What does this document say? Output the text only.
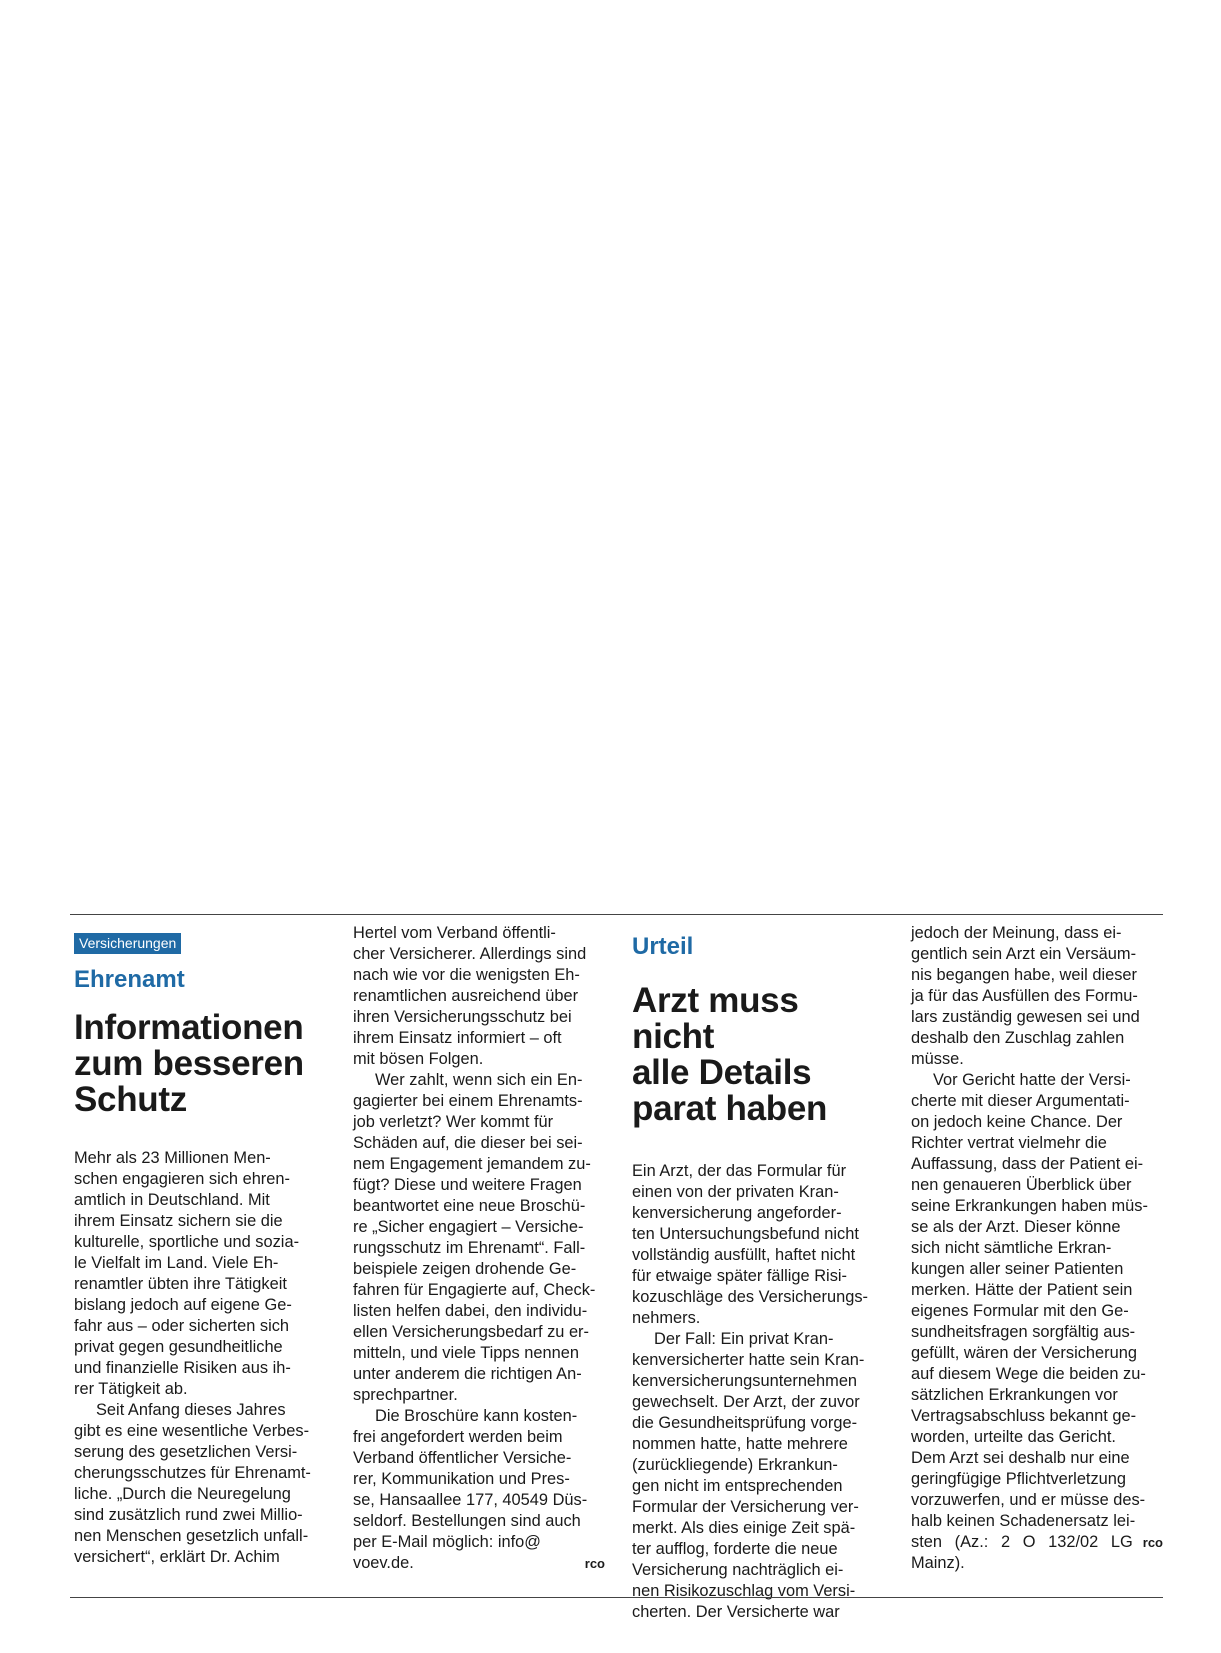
Versicherungen

Ehrenamt

Informationen
zum besseren
Schutz
Mehr als 23 Millionen Men-
schen engagieren sich ehren-
amtlich in Deutschland. Mit
ihrem Einsatz sichern sie die
kulturelle, sportliche und sozia-
le Vielfalt im Land. Viele Eh-
renamtler übten ihre Tätigkeit
bislang jedoch auf eigene Ge-
fahr aus – oder sicherten sich
privat gegen gesundheitliche
und finanzielle Risiken aus ih-
rer Tätigkeit ab.
Seit Anfang dieses Jahres
gibt es eine wesentliche Verbes-
serung des gesetzlichen Versi-
cherungsschutzes für Ehrenamt-
liche. „Durch die Neuregelung
sind zusätzlich rund zwei Millio-
nen Menschen gesetzlich unfall-
versichert“, erklärt Dr. Achim
Hertel vom Verband öffentli-
cher Versicherer. Allerdings sind
nach wie vor die wenigsten Eh-
renamtlichen ausreichend über
ihren Versicherungsschutz bei
ihrem Einsatz informiert – oft
mit bösen Folgen.
Wer zahlt, wenn sich ein En-
gagierter bei einem Ehrenamts-
job verletzt? Wer kommt für
Schäden auf, die dieser bei sei-
nem Engagement jemandem zu-
fügt? Diese und weitere Fragen
beantwortet eine neue Broschü-
re „Sicher engagiert – Versiche-
rungsschutz im Ehrenamt“. Fall-
beispiele zeigen drohende Ge-
fahren für Engagierte auf, Check-
listen helfen dabei, den individu-
ellen Versicherungsbedarf zu er-
mitteln, und viele Tipps nennen
unter anderem die richtigen An-
sprechpartner.
Die Broschüre kann kosten-
frei angefordert werden beim
Verband öffentlicher Versiche-
rer, Kommunikation und Pres-
se, Hansaallee 177, 40549 Düs-
seldorf. Bestellungen sind auch
per E-Mail möglich: info@
rco
voev.de.

Urteil

Arzt muss nicht
alle Details
parat haben
Ein Arzt, der das Formular für
einen von der privaten Kran-
kenversicherung angeforder-
ten Untersuchungsbefund nicht
vollständig ausfüllt, haftet nicht
für etwaige später fällige Risi-
kozuschläge des Versicherungs-
nehmers.
Der Fall: Ein privat Kran-
kenversicherter hatte sein Kran-
kenversicherungsunternehmen
gewechselt. Der Arzt, der zuvor
die Gesundheitsprüfung vorge-
nommen hatte, hatte mehrere
(zurückliegende) Erkrankun-
gen nicht im entsprechenden
Formular der Versicherung ver-
merkt. Als dies einige Zeit spä-
ter aufflog, forderte die neue
Versicherung nachträglich ei-
nen Risikozuschlag vom Versi-
cherten. Der Versicherte war
jedoch der Meinung, dass ei-
gentlich sein Arzt ein Versäum-
nis begangen habe, weil dieser
ja für das Ausfüllen des Formu-
lars zuständig gewesen sei und
deshalb den Zuschlag zahlen
müsse.
Vor Gericht hatte der Versi-
cherte mit dieser Argumentati-
on jedoch keine Chance. Der
Richter vertrat vielmehr die
Auffassung, dass der Patient ei-
nen genaueren Überblick über
seine Erkrankungen haben müs-
se als der Arzt. Dieser könne
sich nicht sämtliche Erkran-
kungen aller seiner Patienten
merken. Hätte der Patient sein
eigenes Formular mit den Ge-
sundheitsfragen sorgfältig aus-
gefüllt, wären der Versicherung
auf diesem Wege die beiden zu-
sätzlichen Erkrankungen vor
Vertragsabschluss bekannt ge-
worden, urteilte das Gericht.
Dem Arzt sei deshalb nur eine
geringfügige Pflichtverletzung
vorzuwerfen, und er müsse des-
halb keinen Schadenersatz lei-
rco
sten (Az.: 2 O 132/02 LG Mainz).
